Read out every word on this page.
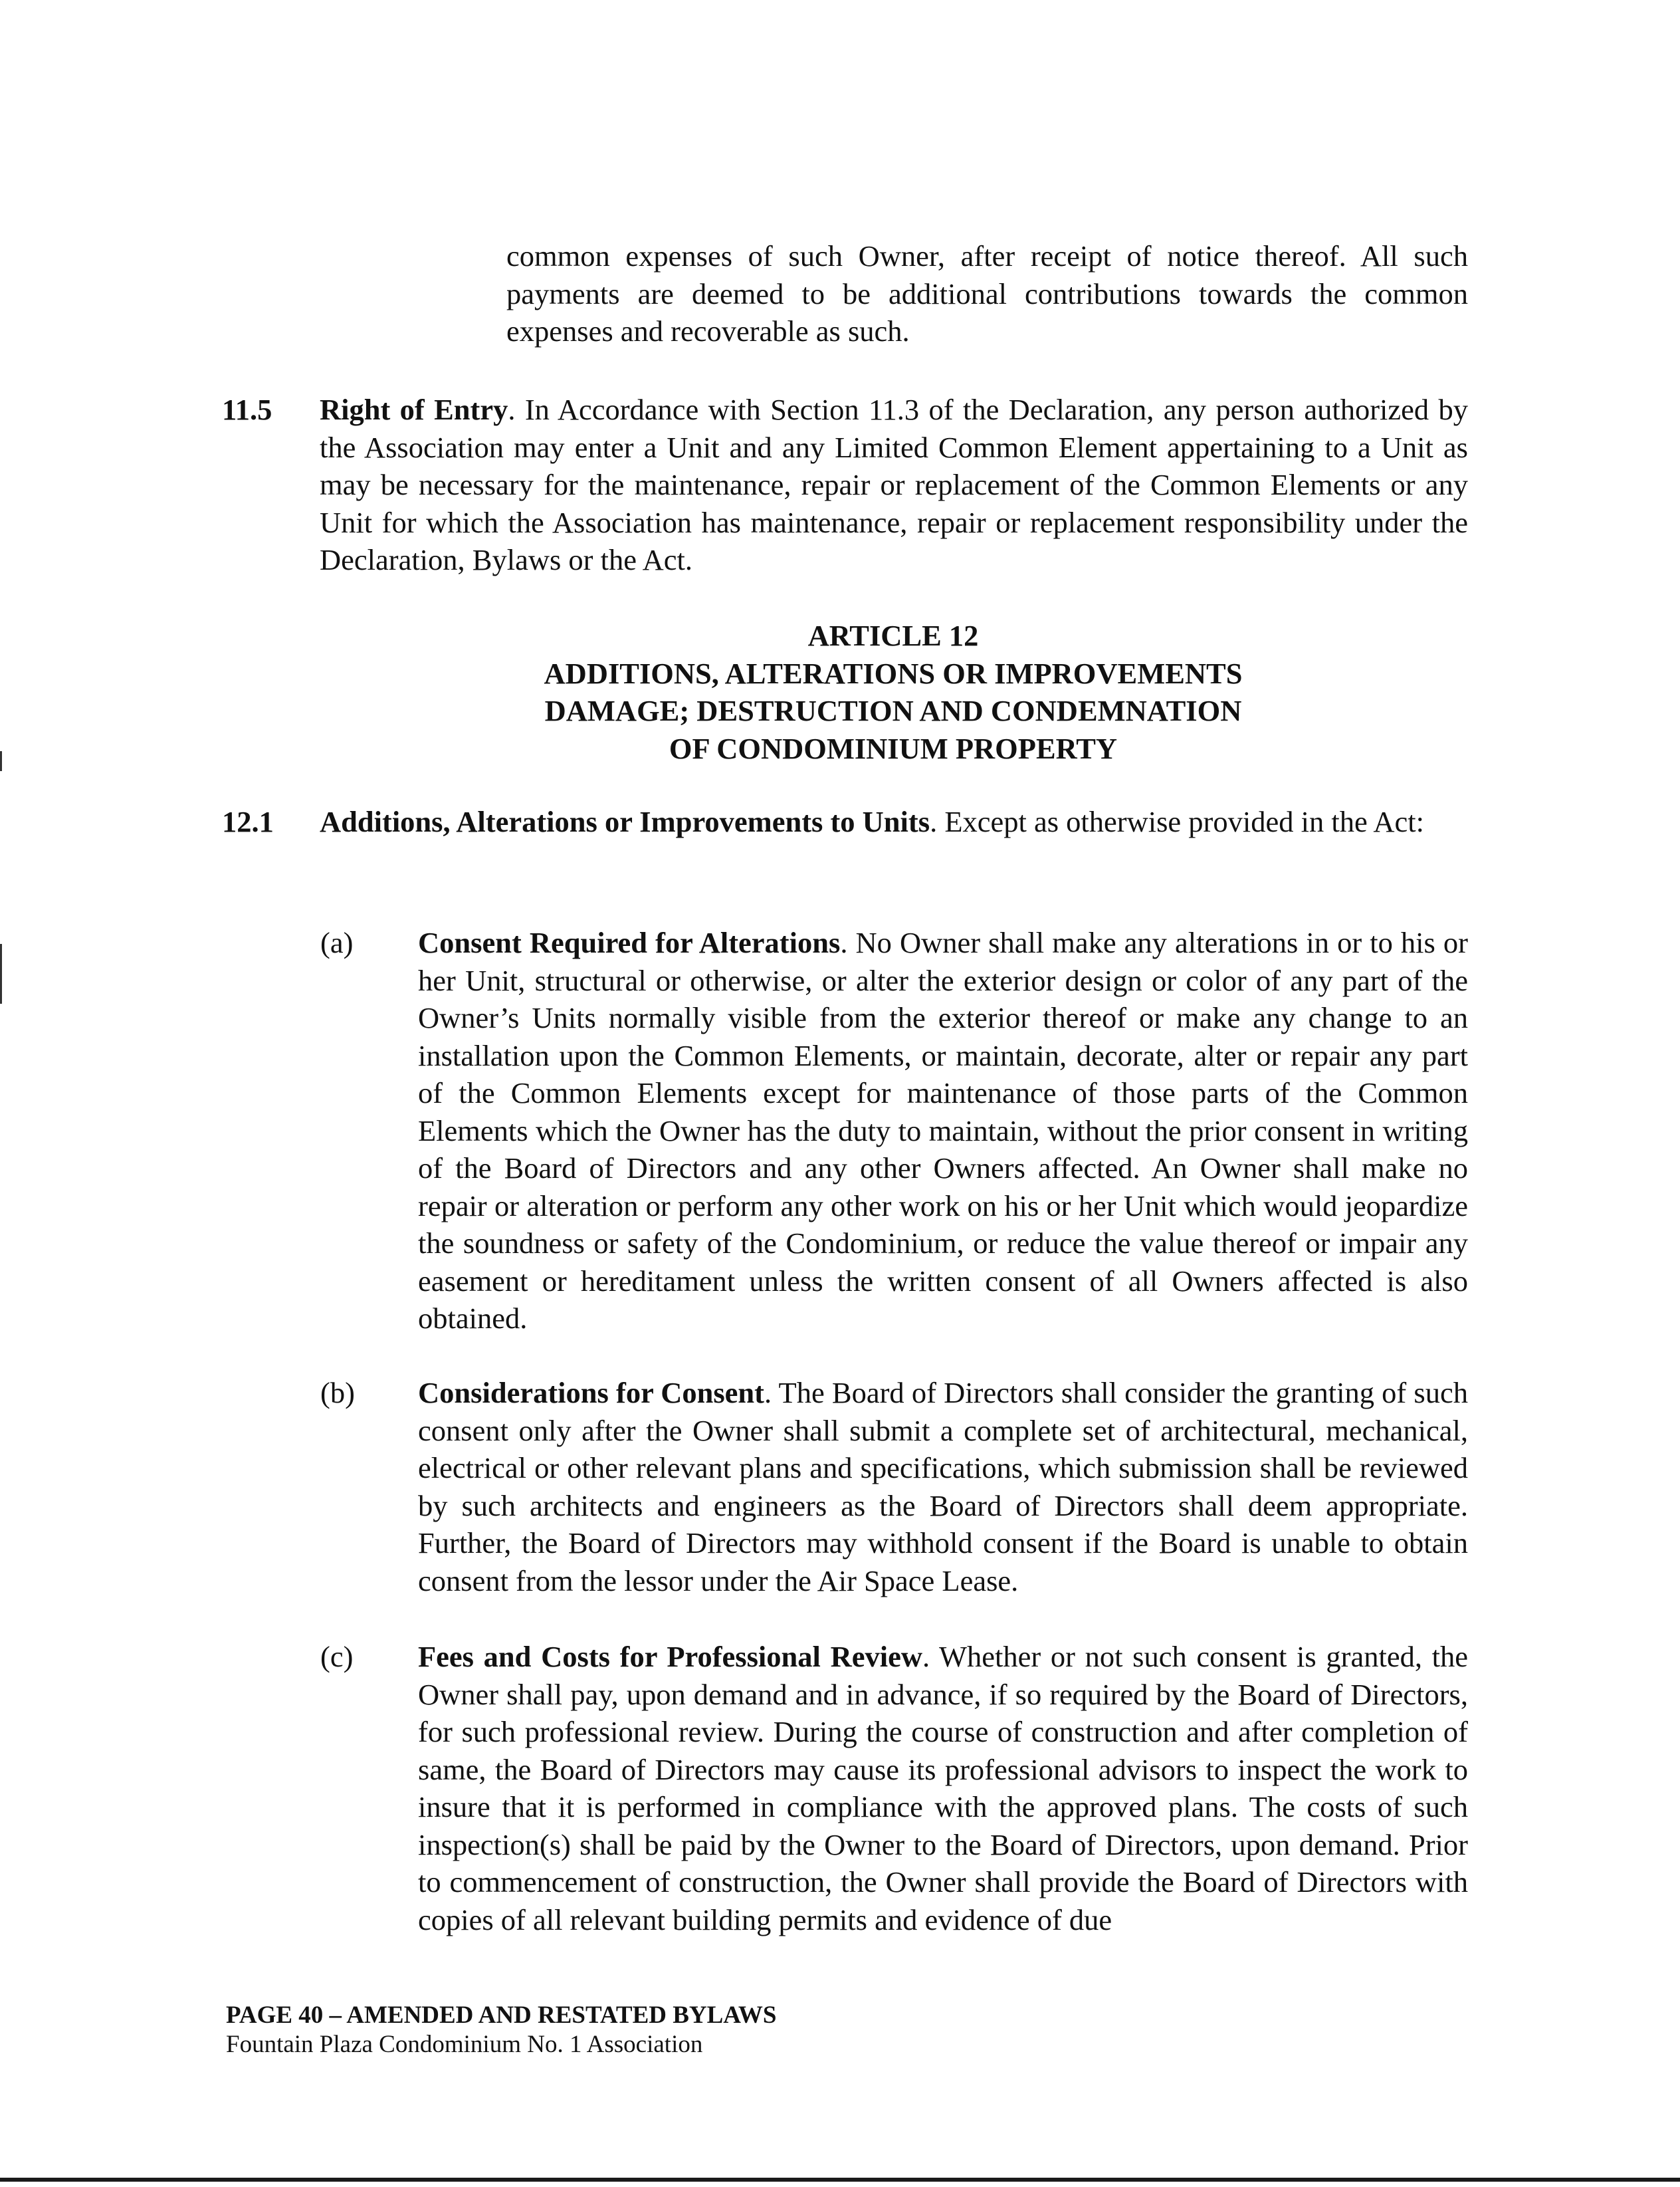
common expenses of such Owner, after receipt of notice thereof. All such payments are deemed to be additional contributions towards the common expenses and recoverable as such.
11.5 Right of Entry. In Accordance with Section 11.3 of the Declaration, any person authorized by the Association may enter a Unit and any Limited Common Element appertaining to a Unit as may be necessary for the maintenance, repair or replacement of the Common Elements or any Unit for which the Association has maintenance, repair or replacement responsibility under the Declaration, Bylaws or the Act.
ARTICLE 12
ADDITIONS, ALTERATIONS OR IMPROVEMENTS
DAMAGE; DESTRUCTION AND CONDEMNATION
OF CONDOMINIUM PROPERTY
12.1 Additions, Alterations or Improvements to Units. Except as otherwise provided in the Act:
(a) Consent Required for Alterations. No Owner shall make any alterations in or to his or her Unit, structural or otherwise, or alter the exterior design or color of any part of the Owner’s Units normally visible from the exterior thereof or make any change to an installation upon the Common Elements, or maintain, decorate, alter or repair any part of the Common Elements except for maintenance of those parts of the Common Elements which the Owner has the duty to maintain, without the prior consent in writing of the Board of Directors and any other Owners affected. An Owner shall make no repair or alteration or perform any other work on his or her Unit which would jeopardize the soundness or safety of the Condominium, or reduce the value thereof or impair any easement or hereditament unless the written consent of all Owners affected is also obtained.
(b) Considerations for Consent. The Board of Directors shall consider the granting of such consent only after the Owner shall submit a complete set of architectural, mechanical, electrical or other relevant plans and specifications, which submission shall be reviewed by such architects and engineers as the Board of Directors shall deem appropriate. Further, the Board of Directors may withhold consent if the Board is unable to obtain consent from the lessor under the Air Space Lease.
(c) Fees and Costs for Professional Review. Whether or not such consent is granted, the Owner shall pay, upon demand and in advance, if so required by the Board of Directors, for such professional review. During the course of construction and after completion of same, the Board of Directors may cause its professional advisors to inspect the work to insure that it is performed in compliance with the approved plans. The costs of such inspection(s) shall be paid by the Owner to the Board of Directors, upon demand. Prior to commencement of construction, the Owner shall provide the Board of Directors with copies of all relevant building permits and evidence of due
PAGE 40 – AMENDED AND RESTATED BYLAWS
Fountain Plaza Condominium No. 1 Association
